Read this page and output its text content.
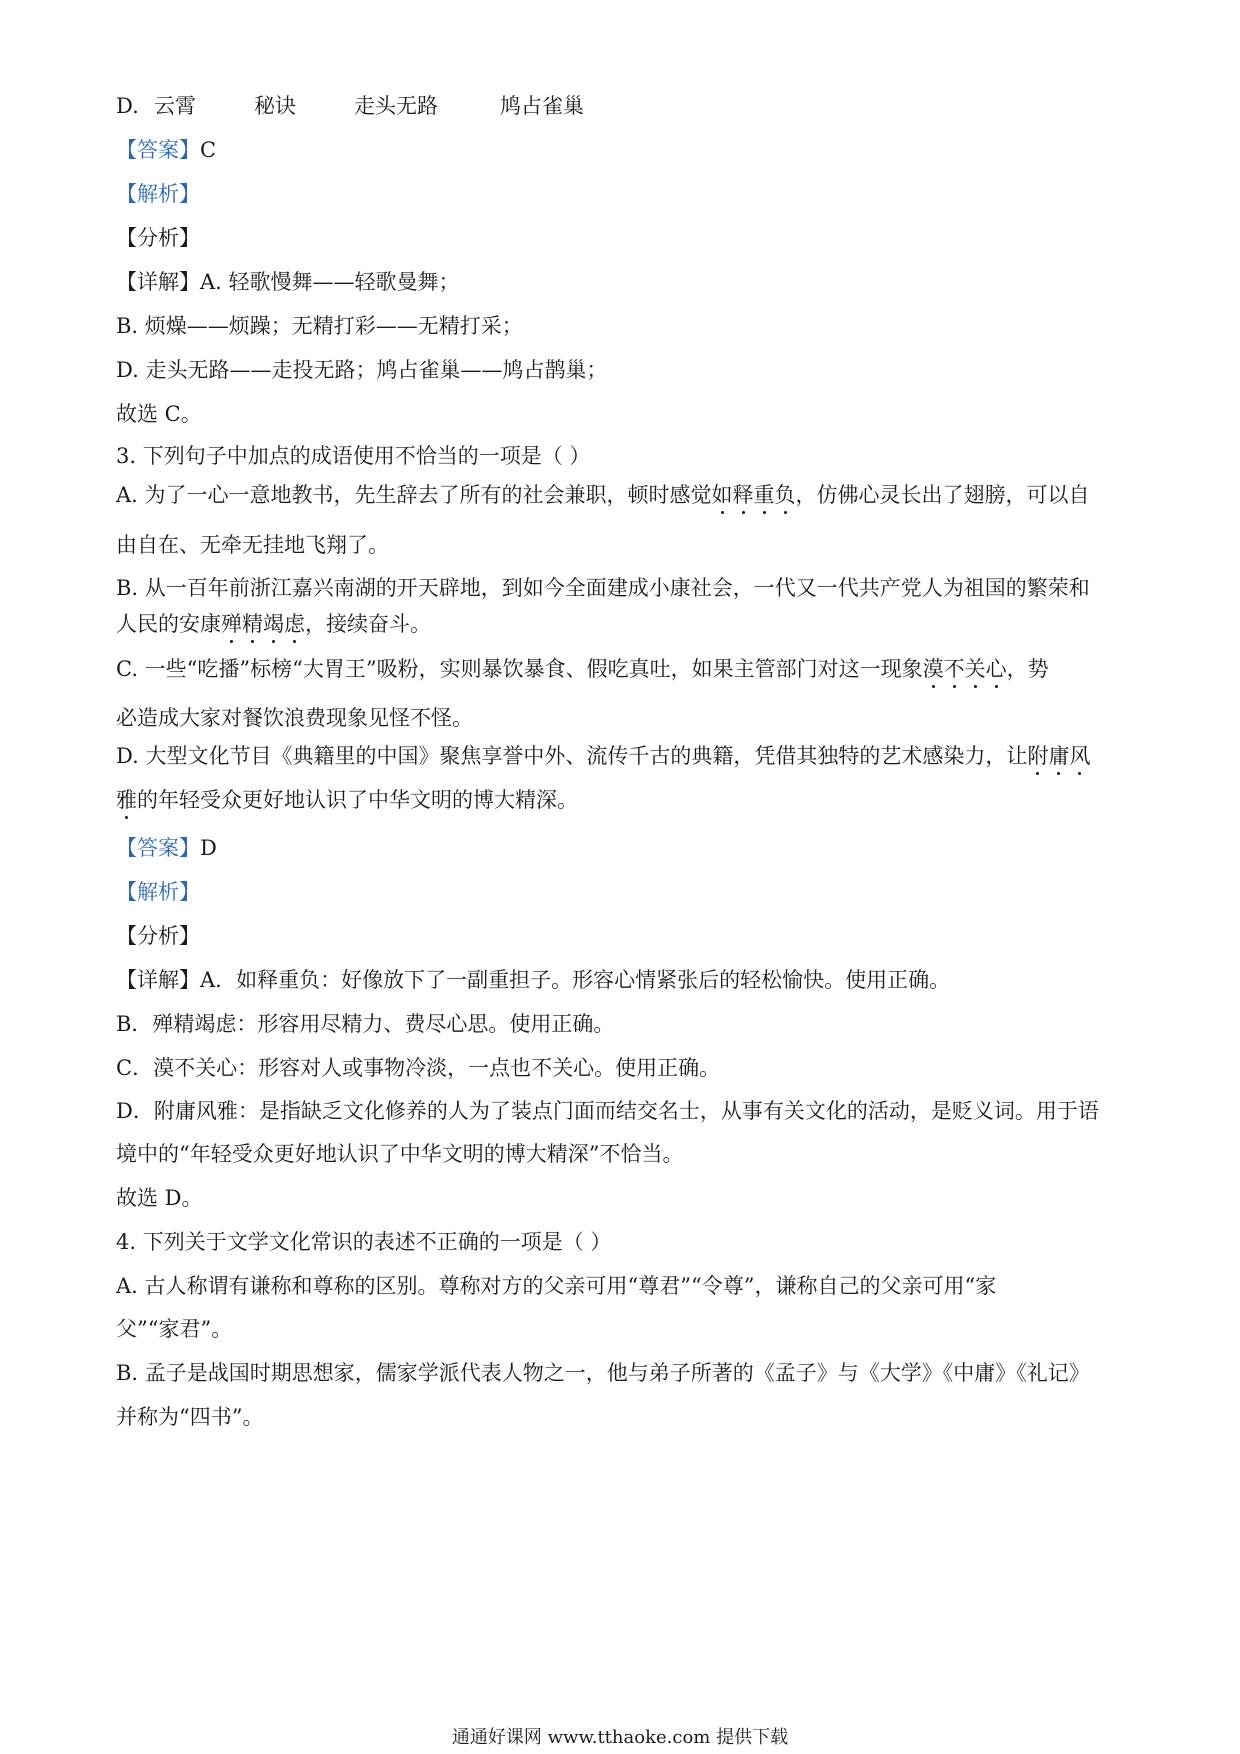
D. 云霄	秘诀	走头无路	鸠占雀巢
【答案】C
【解析】
【分析】
【详解】A. 轻歌慢舞——轻歌曼舞；
B. 烦燥——烦躁；无精打彩——无精打采；
D. 走头无路——走投无路；鸠占雀巢——鸠占鹊巢；
故选 C。
3. 下列句子中加点的成语使用不恰当的一项是（ ）
A. 为了一心一意地教书，先生辞去了所有的社会兼职，顿时感觉如释重负，仿佛心灵长出了翅膀，可以自
由自在、无牵无挂地飞翔了。
B. 从一百年前浙江嘉兴南湖的开天辟地，到如今全面建成小康社会，一代又一代共产党人为祖国的繁荣和
人民的安康殚精竭虑，接续奋斗。
C. 一些“吃播”标榜“大胃王”吸粉，实则暴饮暴食、假吃真吐，如果主管部门对这一现象漠不关心，势
必造成大家对餐饮浪费现象见怪不怪。
D. 大型文化节目《典籍里的中国》聚焦享誉中外、流传千古的典籍，凭借其独特的艺术感染力，让附庸风
雅的年轻受众更好地认识了中华文明的博大精深。
【答案】D
【解析】
【分析】
【详解】A．如释重负：好像放下了一副重担子。形容心情紧张后的轻松愉快。使用正确。
B．殚精竭虑：形容用尽精力、费尽心思。使用正确。
C．漠不关心：形容对人或事物冷淡，一点也不关心。使用正确。
D．附庸风雅：是指缺乏文化修养的人为了装点门面而结交名士，从事有关文化的活动，是贬义词。用于语
境中的“年轻受众更好地认识了中华文明的博大精深”不恰当。
故选 D。
4. 下列关于文学文化常识的表述不正确的一项是（ ）
A. 古人称谓有谦称和尊称的区别。尊称对方的父亲可用“尊君”“令尊”，谦称自己的父亲可用“家
父”“家君”。
B. 孟子是战国时期思想家，儒家学派代表人物之一，他与弟子所著的《孟子》与《大学》《中庸》《礼记》
并称为“四书”。
通通好课网 www.tthaoke.com 提供下载
